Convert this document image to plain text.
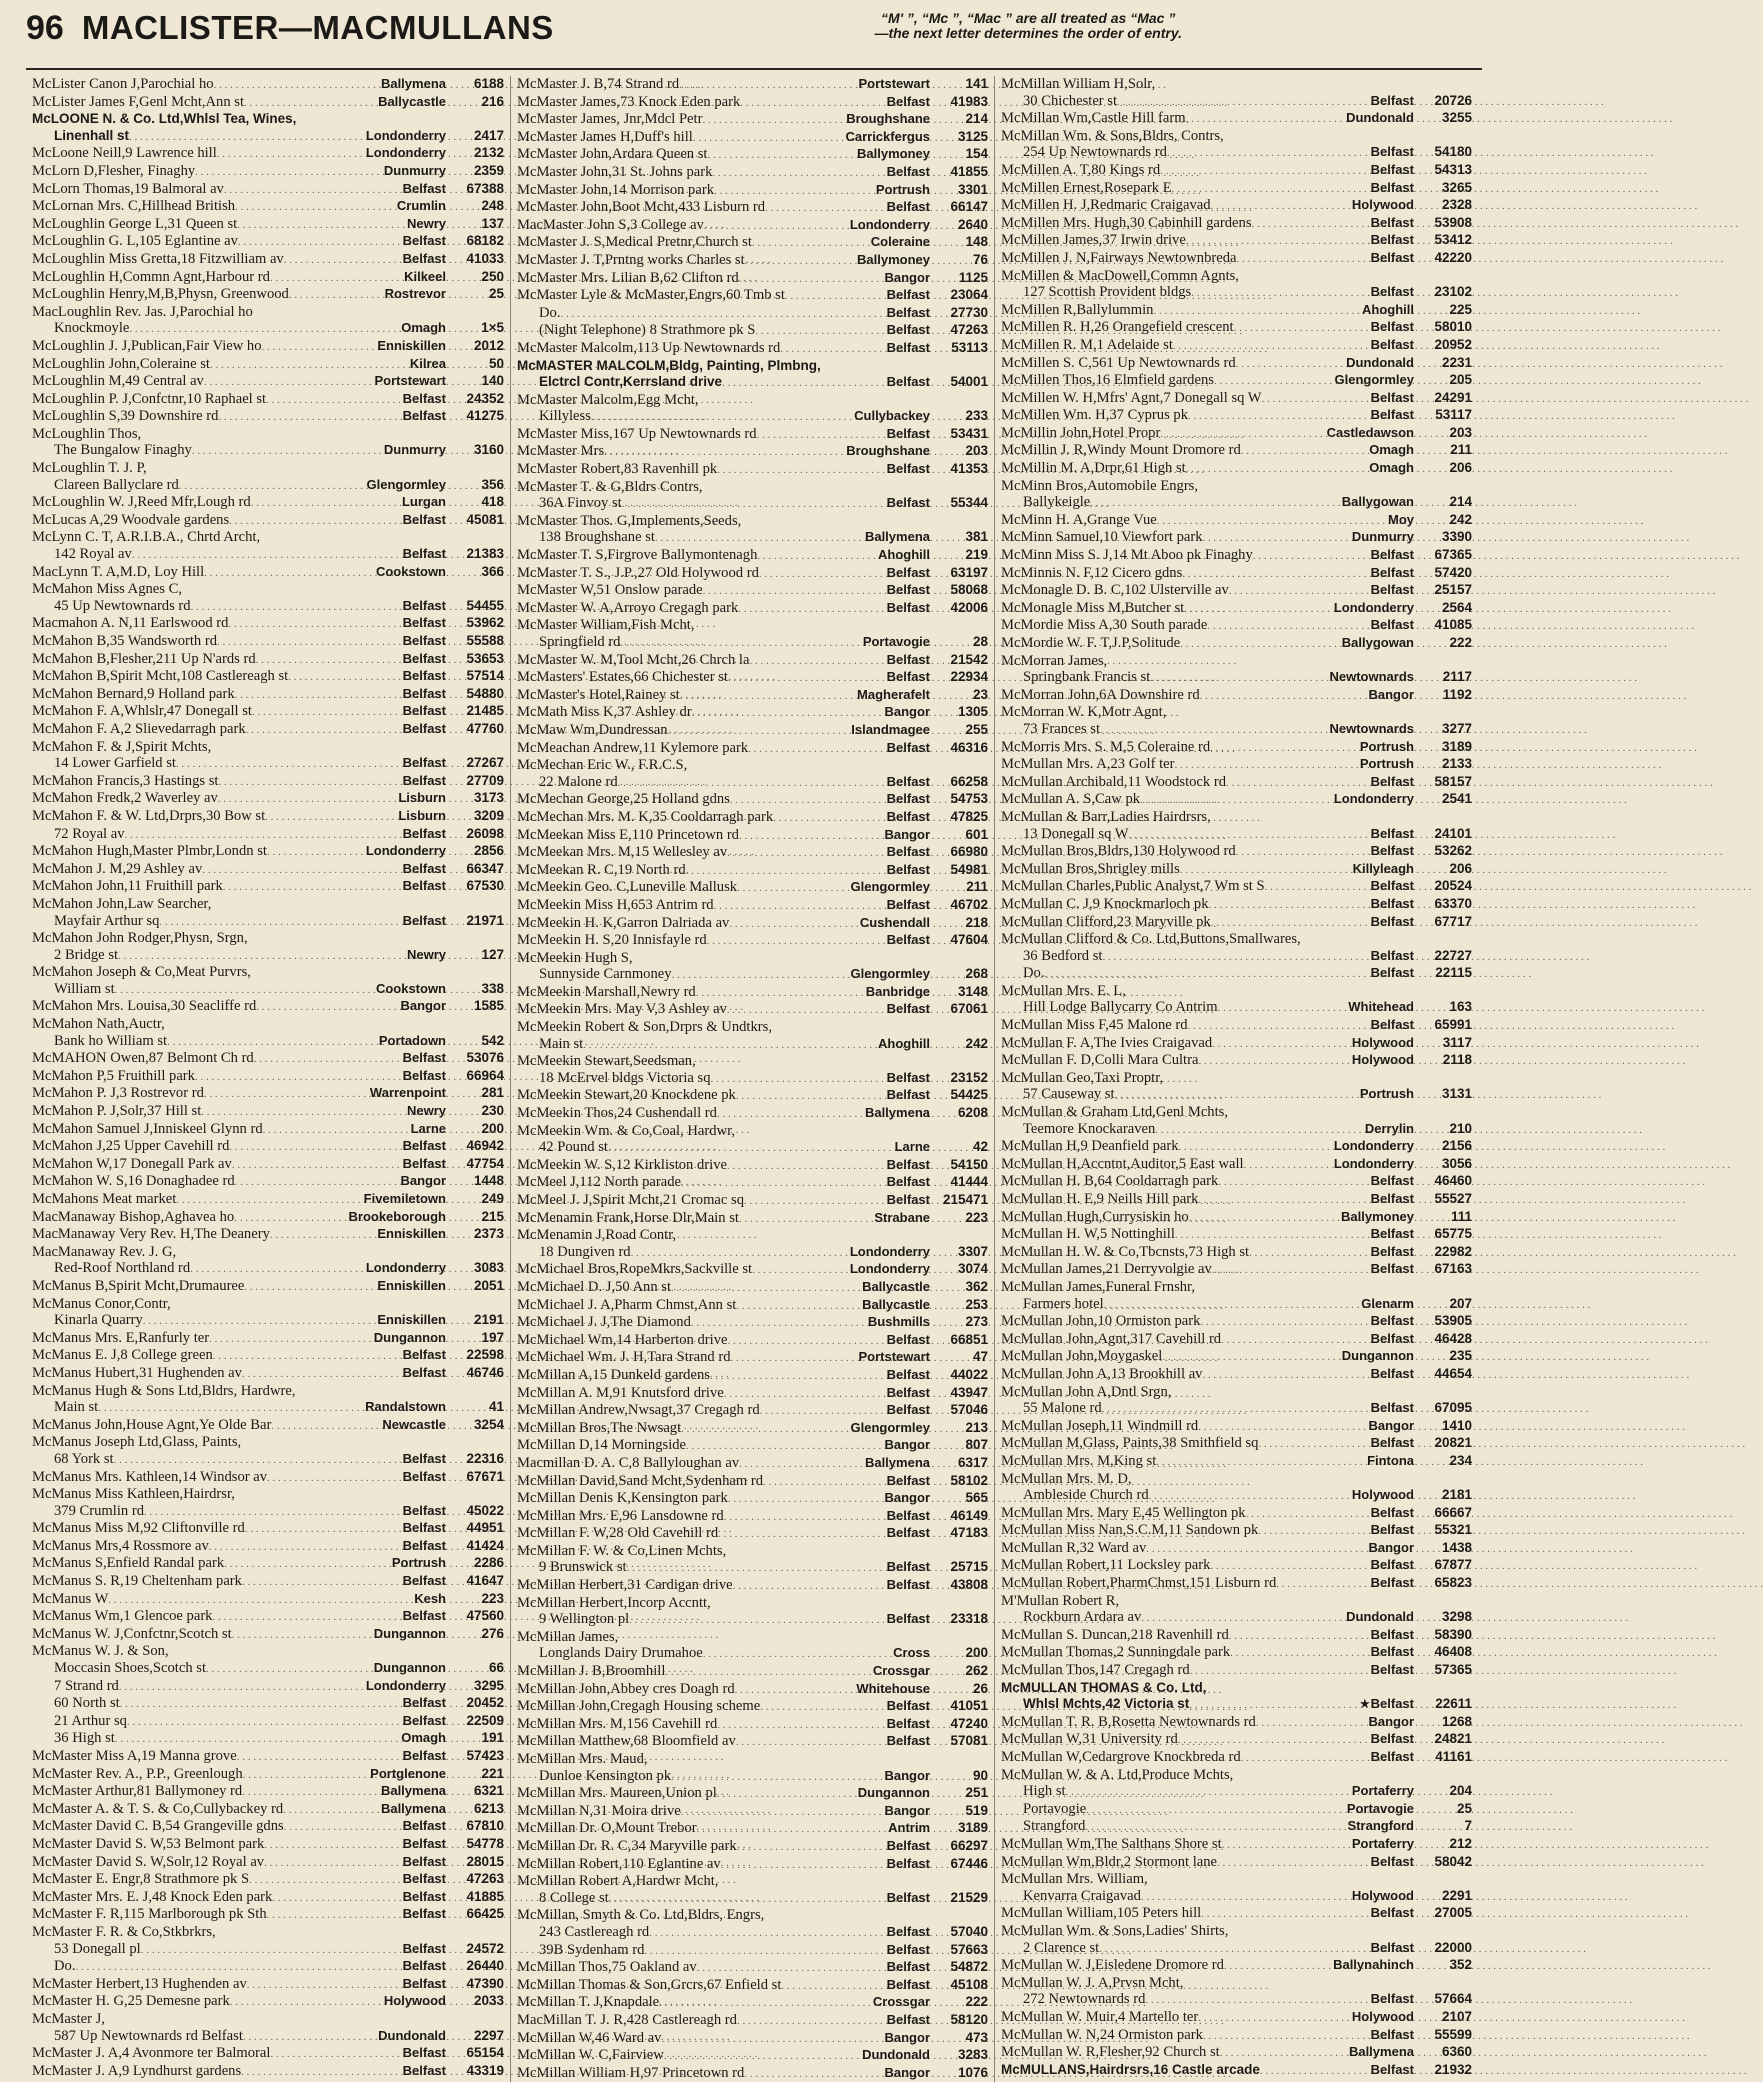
96 MACLISTER—MACMULLANS	“M' ”, “Mc ”, “Mac ” are all treated as “Mac ”
—the next letter determines the order of entry.
McLister Canon J,Parochial ho . . .	Ballymena	6188
McLister James F,Genl Mcht,Ann st . . .	Ballycastle	216
McLOONE N. & Co. Ltd,Whlsl Tea, Wines,
Linenhall st . . .	Londonderry	2417
McLoone Neill,9 Lawrence hill . . .	Londonderry	2132
McLorn D,Flesher, Finaghy . . .	Dunmurry	2359
McLorn Thomas,19 Balmoral av . . .	Belfast	67388
McLornan Mrs. C,Hillhead British . . .	Crumlin	248
McLoughlin George L,31 Queen st . . .	Newry	137
McLoughlin G. L,105 Eglantine av . . .	Belfast	68182
McLoughlin Miss Gretta,18 Fitzwilliam av . . .	Belfast	41033
McLoughlin H,Commn Agnt,Harbour rd . . .	Kilkeel	250
McLoughlin Henry,M,B,Physn, Greenwood . . .	Rostrevor	25
MacLoughlin Rev. Jas. J,Parochial ho
Knockmoyle . . .	Omagh	1×5
McLoughlin J. J,Publican,Fair View ho . . .	Enniskillen	2012
McLoughlin John,Coleraine st . . .	Kilrea	50
McLoughlin M,49 Central av . . .	Portstewart	140
McLoughlin P. J,Confctnr,10 Raphael st . . .	Belfast	24352
McLoughlin S,39 Downshire rd . . .	Belfast	41275
McLoughlin Thos,
The Bungalow Finaghy . . .	Dunmurry	3160
McLoughlin T. J. P,
Clareen Ballyclare rd . . .	Glengormley	356
McLoughlin W. J,Reed Mfr,Lough rd . . .	Lurgan	418
McLucas A,29 Woodvale gardens . . .	Belfast	45081
McLynn C. T, A.R.I.B.A., Chrtd Archt,
142 Royal av . . .	Belfast	21383
MacLynn T. A,M.D, Loy Hill . . .	Cookstown	366
McMahon Miss Agnes C,
45 Up Newtownards rd . . .	Belfast	54455
Macmahon A. N,11 Earlswood rd . . .	Belfast	53962
McMahon B,35 Wandsworth rd . . .	Belfast	55588
McMahon B,Flesher,211 Up N'ards rd . . .	Belfast	53653
McMahon B,Spirit Mcht,108 Castlereagh st . . .	Belfast	57514
McMahon Bernard,9 Holland park . . .	Belfast	54880
McMahon F. A,Whlslr,47 Donegall st . . .	Belfast	21485
McMahon F. A,2 Slievedarragh park . . .	Belfast	47760
McMahon F. & J,Spirit Mchts,
14 Lower Garfield st . . .	Belfast	27267
McMahon Francis,3 Hastings st . . .	Belfast	27709
McMahon Fredk,2 Waverley av . . .	Lisburn	3173
McMahon F. & W. Ltd,Drprs,30 Bow st . . .	Lisburn	3209
72 Royal av . . .	Belfast	26098
McMahon Hugh,Master Plmbr,Londn st . . .	Londonderry	2856
McMahon J. M,29 Ashley av . . .	Belfast	66347
McMahon John,11 Fruithill park . . .	Belfast	67530
McMahon John,Law Searcher,
Mayfair Arthur sq . . .	Belfast	21971
McMahon John Rodger,Physn, Srgn,
2 Bridge st . . .	Newry	127
McMahon Joseph & Co,Meat Purvrs,
William st . . .	Cookstown	338
McMahon Mrs. Louisa,30 Seacliffe rd . . .	Bangor	1585
McMahon Nath,Auctr,
Bank ho William st . . .	Portadown	542
McMAHON Owen,87 Belmont Ch rd . . .	Belfast	53076
McMahon P,5 Fruithill park . . .	Belfast	66964
McMahon P. J,3 Rostrevor rd . . .	Warrenpoint	281
McMahon P. J,Solr,37 Hill st . . .	Newry	230
McMahon Samuel J,Inniskeel Glynn rd . . .	Larne	200
McMahon J,25 Upper Cavehill rd . . .	Belfast	46942
McMahon W,17 Donegall Park av . . .	Belfast	47754
McMahon W. S,16 Donaghadee rd . . .	Bangor	1448
McMahons Meat market . . .	Fivemiletown	249
MacManaway Bishop,Aghavea ho . . .	Brookeborough	215
MacManaway Very Rev. H,The Deanery . . .	Enniskillen	2373
MacManaway Rev. J. G,
Red-Roof Northland rd . . .	Londonderry	3083
McManus B,Spirit Mcht,Drumauree . . .	Enniskillen	2051
McManus Conor,Contr,
Kinarla Quarry . . .	Enniskillen	2191
McManus Mrs. E,Ranfurly ter . . .	Dungannon	197
McManus E. J,8 College green . . .	Belfast	22598
McManus Hubert,31 Hughenden av . . .	Belfast	46746
McManus Hugh & Sons Ltd,Bldrs, Hardwre,
Main st . . .	Randalstown	41
McManus John,House Agnt,Ye Olde Bar . . .	Newcastle	3254
McManus Joseph Ltd,Glass, Paints,
68 York st . . .	Belfast	22316
McManus Mrs. Kathleen,14 Windsor av . . .	Belfast	67671
McManus Miss Kathleen,Hairdrsr,
379 Crumlin rd . . .	Belfast	45022
McManus Miss M,92 Cliftonville rd . . .	Belfast	44951
McManus Mrs,4 Rossmore av . . .	Belfast	41424
McManus S,Enfield Randal park . . .	Portrush	2286
McManus S. R,19 Cheltenham park . . .	Belfast	41647
McManus W . . .	Kesh	223
McManus Wm,1 Glencoe park . . .	Belfast	47560
McManus W. J,Confctnr,Scotch st . . .	Dungannon	276
McManus W. J. & Son,
Moccasin Shoes,Scotch st . . .	Dungannon	66
7 Strand rd . . .	Londonderry	3295
60 North st . . .	Belfast	20452
21 Arthur sq . . .	Belfast	22509
36 High st . . .	Omagh	191
McMaster Miss A,19 Manna grove . . .	Belfast	57423
McMaster Rev. A., P.P., Greenlough . . .	Portglenone	221
McMaster Arthur,81 Ballymoney rd . . .	Ballymena	6321
McMaster A. & T. S. & Co,Cullybackey rd . . .	Ballymena	6213
McMaster David C. B,54 Grangeville gdns . . .	Belfast	67810
McMaster David S. W,53 Belmont park . . .	Belfast	54778
McMaster David S. W,Solr,12 Royal av . . .	Belfast	28015
McMaster E. Engr,8 Strathmore pk S . . .	Belfast	47263
McMaster Mrs. E. J,48 Knock Eden park . . .	Belfast	41885
McMaster F. R,115 Marlborough pk Sth . . .	Belfast	66425
McMaster F. R. & Co,Stkbrkrs,
53 Donegall pl . . .	Belfast	24572
Do. . . .	Belfast	26440
McMaster Herbert,13 Hughenden av . . .	Belfast	47390
McMaster H. G,25 Demesne park . . .	Holywood	2033
McMaster J,
587 Up Newtownards rd Belfast . . .	Dundonald	2297
McMaster J. A,4 Avonmore ter Balmoral . . .	Belfast	65154
McMaster J. A,9 Lyndhurst gardens . . .	Belfast	43319
McMaster J. B,74 Strand rd . . .	Portstewart	141
McMaster James,73 Knock Eden park . . .	Belfast	41983
McMaster James, Jnr,Mdcl Petr . . .	Broughshane	214
McMaster James H,Duff's hill . . .	Carrickfergus	3125
McMaster John,Ardara Queen st . . .	Ballymoney	154
McMaster John,31 St. Johns park . . .	Belfast	41855
McMaster John,14 Morrison park . . .	Portrush	3301
McMaster John,Boot Mcht,433 Lisburn rd . . .	Belfast	66147
MacMaster John S,3 College av . . .	Londonderry	2640
McMaster J. S,Medical Pretnr,Church st . . .	Coleraine	148
McMaster J. T,Prntng works Charles st . . .	Ballymoney	76
McMaster Mrs. Lilian B,62 Clifton rd . . .	Bangor	1125
McMaster Lyle & McMaster,Engrs,60 Tmb st . . .	Belfast	23064
Do. . . .	Belfast	27730
(Night Telephone) 8 Strathmore pk S . . .	Belfast	47263
McMaster Malcolm,113 Up Newtownards rd . . .	Belfast	53113
McMASTER MALCOLM,Bldg, Painting, Plmbng,
Elctrcl Contr,Kerrsland drive . . .	Belfast	54001
McMaster Malcolm,Egg Mcht,
Killyless . . .	Cullybackey	233
McMaster Miss,167 Up Newtownards rd . . .	Belfast	53431
McMaster Mrs . . .	Broughshane	203
McMaster Robert,83 Ravenhill pk . . .	Belfast	41353
McMaster T. & G,Bldrs Contrs,
36A Finvoy st . . .	Belfast	55344
McMaster Thos. G,Implements,Seeds,
138 Broughshane st . . .	Ballymena	381
McMaster T. S,Firgrove Ballymontenagh . . .	Ahoghill	219
McMaster T. S., J.P.,27 Old Holywood rd . . .	Belfast	63197
McMaster W,51 Onslow parade . . .	Belfast	58068
McMaster W. A,Arroyo Cregagh park . . .	Belfast	42006
McMaster William,Fish Mcht,
Springfield rd . . .	Portavogie	28
McMaster W. M,Tool Mcht,26 Chrch la . . .	Belfast	21542
McMasters' Estates,66 Chichester st . . .	Belfast	22934
McMaster's Hotel,Rainey st . . .	Magherafelt	23
McMath Miss K,37 Ashley dr . . .	Bangor	1305
McMaw Wm,Dundressan . . .	Islandmagee	255
McMeachan Andrew,11 Kylemore park . . .	Belfast	46316
McMechan Eric W., F.R.C.S,
22 Malone rd . . .	Belfast	66258
McMechan George,25 Holland gdns . . .	Belfast	54753
McMechan Mrs. M. K,35 Cooldarragh park . . .	Belfast	47825
McMeekan Miss E,110 Princetown rd . . .	Bangor	601
McMeekan Mrs. M,15 Wellesley av . . .	Belfast	66980
McMeekan R. C,19 North rd . . .	Belfast	54981
McMeekin Geo. C,Luneville Mallusk . . .	Glengormley	211
McMeekin Miss H,653 Antrim rd . . .	Belfast	46702
McMeekin H. K,Garron Dalriada av . . .	Cushendall	218
McMeekin H. S,20 Innisfayle rd . . .	Belfast	47604
McMeekin Hugh S,
Sunnyside Carnmoney . . .	Glengormley	268
McMeekin Marshall,Newry rd . . .	Banbridge	3148
McMeekin Mrs. May V,3 Ashley av . . .	Belfast	67061
McMeekin Robert & Son,Drprs & Undtkrs,
Main st . . .	Ahoghill	242
McMeekin Stewart,Seedsman,
18 McErvel bldgs Victoria sq . . .	Belfast	23152
McMeekin Stewart,20 Knockdene pk . . .	Belfast	54425
McMeekin Thos,24 Cushendall rd . . .	Ballymena	6208
McMeekin Wm. & Co,Coal, Hardwr,
42 Pound st . . .	Larne	42
McMeekin W. S,12 Kirkliston drive . . .	Belfast	54150
McMeel J,112 North parade . . .	Belfast	41444
McMeel J. J,Spirit Mcht,21 Cromac sq . . .	Belfast 215471
McMenamin Frank,Horse Dlr,Main st . . .	Strabane	223
McMenamin J,Road Contr,
18 Dungiven rd . . .	Londonderry	3307
McMichael Bros,RopeMkrs,Sackville st . . .	Londonderry	3074
McMichael D. J,50 Ann st . . .	Ballycastle	362
McMichael J. A,Pharm Chmst,Ann st . . .	Ballycastle	253
McMichael J. J,The Diamond . . .	Bushmills	273
McMichael Wm,14 Harberton drive . . .	Belfast	66851
McMichael Wm. J. H,Tara Strand rd . . .	Portstewart	47
McMillan A,15 Dunkeld gardens . . .	Belfast	44022
McMillan A. M,91 Knutsford drive . . .	Belfast	43947
McMillan Andrew,Nwsagt,37 Cregagh rd . . .	Belfast	57046
McMillan Bros,The Nwsagt . . .	Glengormley	213
McMillan D,14 Morningside . . .	Bangor	807
Macmillan D. A. C,8 Ballyloughan av . . .	Ballymena	6317
McMillan David,Sand Mcht,Sydenham rd . . .	Belfast	58102
McMillan Denis K,Kensington park . . .	Bangor	565
McMillan Mrs. E,96 Lansdowne rd . . .	Belfast	46149
McMillan F. W,28 Old Cavehill rd . . .	Belfast	47183
McMillan F. W. & Co,Linen Mchts,
9 Brunswick st . . .	Belfast	25715
McMillan Herbert,31 Cardigan drive . . .	Belfast	43808
McMillan Herbert,Incorp Accntt,
9 Wellington pl . . .	Belfast	23318
McMillan James,
Longlands Dairy Drumahoe . . .	Cross	200
McMillan J. B,Broomhill . . .	Crossgar	262
McMillan John,Abbey cres Doagh rd . . .	Whitehouse	26
McMillan John,Cregagh Housing scheme . . .	Belfast	41051
McMillan Mrs. M,156 Cavehill rd . . .	Belfast	47240
McMillan Matthew,68 Bloomfield av . . .	Belfast	57081
McMillan Mrs. Maud,
Dunloe Kensington pk . . .	Bangor	90
McMillan Mrs. Maureen,Union pl . . .	Dungannon	251
McMillan N,31 Moira drive . . .	Bangor	519
McMillan Dr. O,Mount Trebor . . .	Antrim	3189
McMillan Dr. R. C,34 Maryville park . . .	Belfast	66297
McMillan Robert,110 Eglantine av . . .	Belfast	67446
McMillan Robert A,Hardwr Mcht,
8 College st . . .	Belfast	21529
McMillan, Smyth & Co. Ltd,Bldrs, Engrs,
243 Castlereagh rd . . .	Belfast	57040
39B Sydenham rd . . .	Belfast	57663
McMillan Thos,75 Oakland av . . .	Belfast	54872
McMillan Thomas & Son,Grcrs,67 Enfield st . . .	Belfast	45108
McMillan T. J,Knapdale . . .	Crossgar	222
MacMillan T. J. R,428 Castlereagh rd . . .	Belfast	58120
McMillan W,46 Ward av . . .	Bangor	473
McMillan W. C,Fairview . . .	Dundonald	3283
McMillan William H,97 Princetown rd . . .	Bangor	1076
McMillan William H,Solr,
30 Chichester st . . .	Belfast	20726
McMillan Wm,Castle Hill farm . . .	Dundonald	3255
McMillan Wm. & Sons,Bldrs, Contrs,
254 Up Newtownards rd . . .	Belfast	54180
McMillen A. T,80 Kings rd . . .	Belfast	54313
McMillen Ernest,Rosepark E . . .	Belfast	3265
McMillen H. J,Redmaric Craigavad . . .	Holywood	2328
McMillen Mrs. Hugh,30 Cabinhill gardens . . .	Belfast	53908
McMillen James,37 Irwin drive . . .	Belfast	53412
McMillen J. N,Fairways Newtownbreda . . .	Belfast	42220
McMillen & MacDowell,Commn Agnts,
127 Scottish Provident bldgs . . .	Belfast	23102
McMillen R,Ballylummin . . .	Ahoghill	225
McMillen R. H,26 Orangefield crescent . . .	Belfast	58010
McMillen R. M,1 Adelaide st . . .	Belfast	20952
McMillen S. C,561 Up Newtownards rd . . .	Dundonald	2231
McMillen Thos,16 Elmfield gardens . . .	Glengormley	205
McMillen W. H,Mfrs' Agnt,7 Donegall sq W . . .	Belfast	24291
McMillen Wm. H,37 Cyprus pk . . .	Belfast	53117
McMillin John,Hotel Propr . . .	Castledawson	203
McMillin J. R,Windy Mount Dromore rd . . .	Omagh	211
McMillin M. A,Drpr,61 High st . . .	Omagh	206
McMinn Bros,Automobile Engrs,
Ballykeigle . . .	Ballygowan	214
McMinn H. A,Grange Vue . . .	Moy	242
McMinn Samuel,10 Viewfort park . . .	Dunmurry	3390
McMinn Miss S. J,14 Mt Aboo pk Finaghy . . .	Belfast	67365
McMinnis N. F,12 Cicero gdns . . .	Belfast	57420
McMonagle D. B. C,102 Ulsterville av . . .	Belfast	25157
McMonagle Miss M,Butcher st . . .	Londonderry	2564
McMordie Miss A,30 South parade . . .	Belfast	41085
McMordie W. F. T,J.P,Solitude . . .	Ballygowan	222
McMorran James,
Springbank Francis st . . .	Newtownards	2117
McMorran John,6A Downshire rd . . .	Bangor	1192
McMorran W. K,Motr Agnt,
73 Frances st . . .	Newtownards	3277
McMorris Mrs. S. M,5 Coleraine rd . . .	Portrush	3189
McMullan Mrs. A,23 Golf ter . . .	Portrush	2133
McMullan Archibald,11 Woodstock rd . . .	Belfast	58157
McMullan A. S,Caw pk . . .	Londonderry	2541
McMullan & Barr,Ladies Hairdrsrs,
13 Donegall sq W . . .	Belfast	24101
McMullan Bros,Bldrs,130 Holywood rd . . .	Belfast	53262
McMullan Bros,Shrigley mills . . .	Killyleagh	206
McMullan Charles,Public Analyst,7 Wm st S . . .	Belfast	20524
McMullan C. J,9 Knockmarloch pk . . .	Belfast	63370
McMullan Clifford,23 Maryville pk . . .	Belfast	67717
McMullan Clifford & Co. Ltd,Buttons,Smallwares,
36 Bedford st . . .	Belfast	22727
Do. . . .	Belfast	22115
McMullan Mrs. E. L,
Hill Lodge Ballycarry Co Antrim . . .	Whitehead	163
McMullan Miss F,45 Malone rd . . .	Belfast	65991
McMullan F. A,The Ivies Craigavad . . .	Holywood	3117
McMullan F. D,Colli Mara Cultra . . .	Holywood	2118
McMullan Geo,Taxi Proptr,
57 Causeway st . . .	Portrush	3131
McMullan & Graham Ltd,Genl Mchts,
Teemore Knockaraven . . .	Derrylin	210
McMullan H,9 Deanfield park . . .	Londonderry	2156
McMullan H,Accntnt,Auditor,5 East wall . . .	Londonderry	3056
McMullan H. B,64 Cooldarragh park . . .	Belfast	46460
McMullan H. E,9 Neills Hill park . . .	Belfast	55527
McMullan Hugh,Currysiskin ho . . .	Ballymoney	111
McMullan H. W,5 Nottinghill . . .	Belfast	65775
McMullan H. W. & Co,Tbcnsts,73 High st . . .	Belfast	22982
McMullan James,21 Derryvolgie av . . .	Belfast	67163
McMullan James,Funeral Frnshr,
Farmers hotel . . .	Glenarm	207
McMullan John,10 Ormiston park . . .	Belfast	53905
McMullan John,Agnt,317 Cavehill rd . . .	Belfast	46428
McMullan John,Moygaskel . . .	Dungannon	235
McMullan John A,13 Brookhill av . . .	Belfast	44654
McMullan John A,Dntl Srgn,
55 Malone rd . . .	Belfast	67095
McMullan Joseph,11 Windmill rd . . .	Bangor	1410
McMullan M,Glass, Paints,38 Smithfield sq . . .	Belfast	20821
McMullan Mrs. M,King st . . .	Fintona	234
McMullan Mrs. M. D,
Ambleside Church rd . . .	Holywood	2181
McMullan Mrs. Mary E,45 Wellington pk . . .	Belfast	66667
McMullan Miss Nan,S.C.M,11 Sandown pk . . .	Belfast	55321
McMullan R,32 Ward av . . .	Bangor	1438
McMullan Robert,11 Locksley park . . .	Belfast	67877
McMullan Robert,PharmChmst,151 Lisburn rd . . .	Belfast	65823
M'Mullan Robert R,
Rockburn Ardara av . . .	Dundonald	3298
McMullan S. Duncan,218 Ravenhill rd . . .	Belfast	58390
McMullan Thomas,2 Sunningdale park . . .	Belfast	46408
McMullan Thos,147 Cregagh rd . . .	Belfast	57365
McMULLAN THOMAS & Co. Ltd,
Whlsl Mchts,42 Victoria st . . .	★Belfast	22611
McMullan T. R. B,Rosetta Newtownards rd . . .	Bangor	1268
McMullan W,31 University rd . . .	Belfast	24821
McMullan W,Cedargrove Knockbreda rd . . .	Belfast	41161
McMullan W. & A. Ltd,Produce Mchts,
High st . . .	Portaferry	204
Portavogie . . .	Portavogie	25
Strangford . . .	Strangford	7
McMullan Wm,The Salthans Shore st . . .	Portaferry	212
McMullan Wm,Bldr,2 Stormont lane . . .	Belfast	58042
McMullan Mrs. William,
Kenvarra Craigavad . . .	Holywood	2291
McMullan William,105 Peters hill . . .	Belfast	27005
McMullan Wm. & Sons,Ladies' Shirts,
2 Clarence st . . .	Belfast	22000
McMullan W. J,Eisledene Dromore rd . . .	Ballynahinch	352
McMullan W. J. A,Prvsn Mcht,
272 Newtownards rd . . .	Belfast	57664
McMullan W. Muir,4 Martello ter . . .	Holywood	2107
McMullan W. N,24 Ormiston park . . .	Belfast	55599
McMullan W. R,Flesher,92 Church st . . .	Ballymena	6360
McMULLANS,Hairdrsrs,16 Castle arcade . . .	Belfast	21932
